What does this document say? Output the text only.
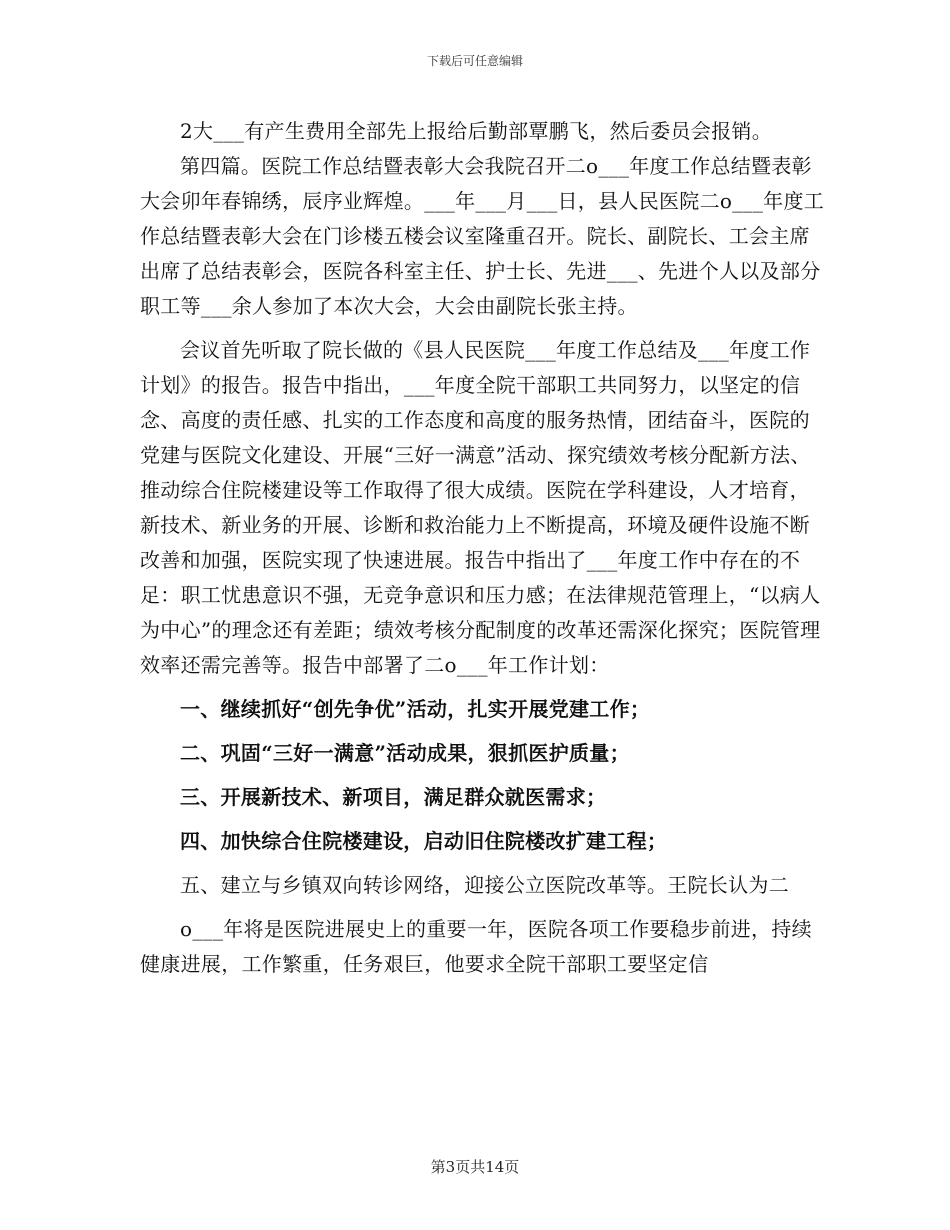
下载后可任意编辑

2大___有产生费用全部先上报给后勤部覃鹏飞，然后委员会报销。

第四篇。医院工作总结暨表彰大会我院召开二o___年度工作总结暨表彰大会卯年春锦绣，辰序业辉煌。___年___月___日，县人民医院二o___年度工作总结暨表彰大会在门诊楼五楼会议室隆重召开。院长、副院长、工会主席出席了总结表彰会，医院各科室主任、护士长、先进___、先进个人以及部分职工等___余人参加了本次大会，大会由副院长张主持。

会议首先听取了院长做的《县人民医院___年度工作总结及___年度工作计划》的报告。报告中指出，___年度全院干部职工共同努力，以坚定的信念、高度的责任感、扎实的工作态度和高度的服务热情，团结奋斗，医院的党建与医院文化建设、开展“三好一满意”活动、探究绩效考核分配新方法、推动综合住院楼建设等工作取得了很大成绩。医院在学科建设，人才培育，新技术、新业务的开展、诊断和救治能力上不断提高，环境及硬件设施不断改善和加强，医院实现了快速进展。报告中指出了___年度工作中存在的不足：职工忧患意识不强，无竞争意识和压力感；在法律规范管理上，“以病人为中心”的理念还有差距；绩效考核分配制度的改革还需深化探究；医院管理效率还需完善等。报告中部署了二o___年工作计划：

一、继续抓好“创先争优”活动，扎实开展党建工作；

二、巩固“三好一满意”活动成果，狠抓医护质量；

三、开展新技术、新项目，满足群众就医需求；

四、加快综合住院楼建设，启动旧住院楼改扩建工程；

五、建立与乡镇双向转诊网络，迎接公立医院改革等。王院长认为二

o___年将是医院进展史上的重要一年，医院各项工作要稳步前进，持续健康进展，工作繁重，任务艰巨，他要求全院干部职工要坚定信

第3页共14页
